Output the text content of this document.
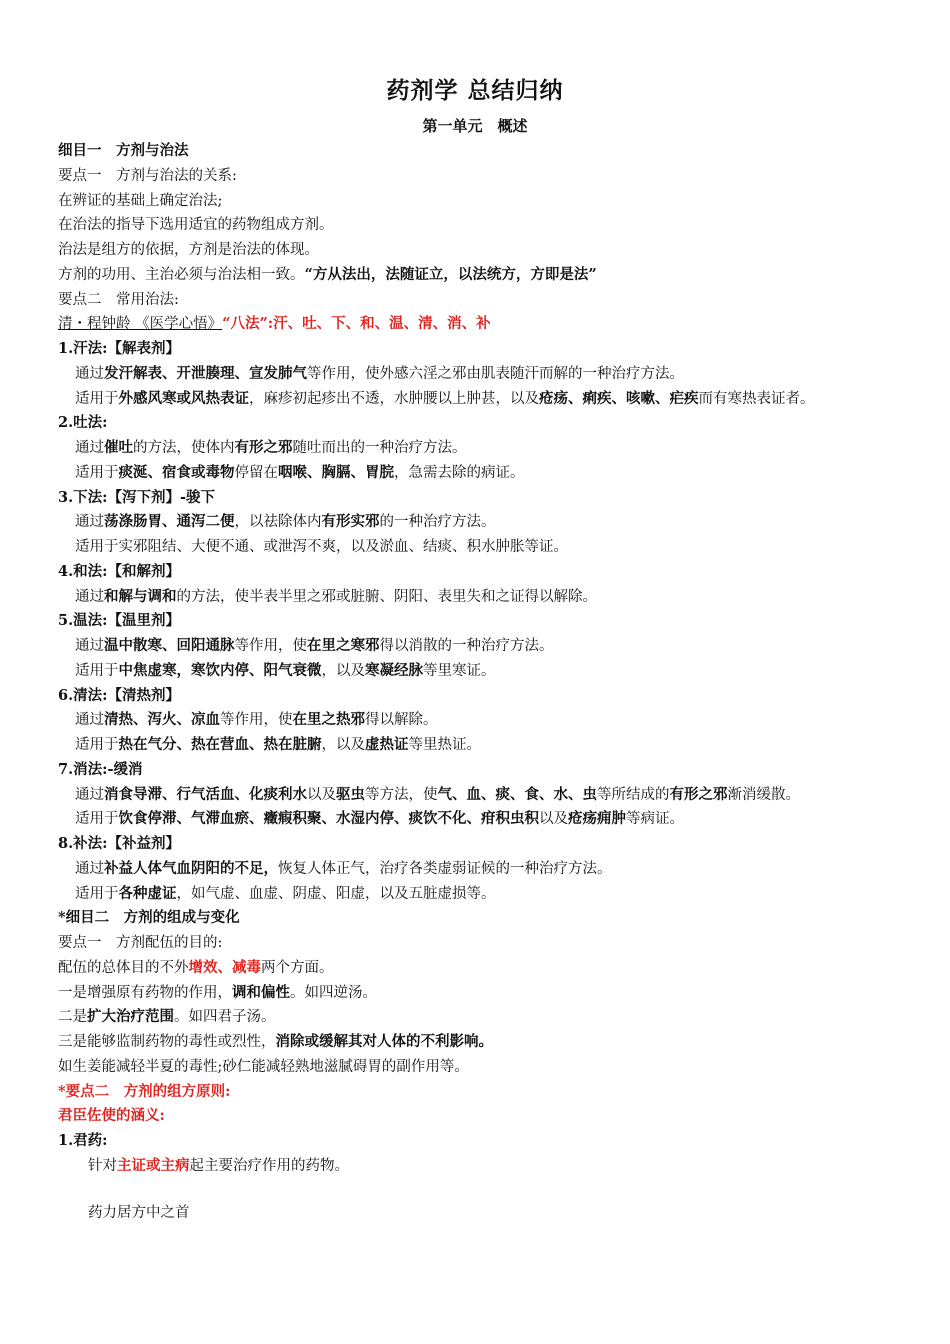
药剂学 总结归纳
第一单元　概述
细目一　方剂与治法
要点一　方剂与治法的关系:
在辨证的基础上确定治法;
在治法的指导下选用适宜的药物组成方剂。
治法是组方的依据，方剂是治法的体现。
方剂的功用、主治必须与治法相一致。“方从法出，法随证立，以法统方，方即是法”
要点二　常用治法:
清・程钟龄 《医学心悟》“八法”:汗、吐、下、和、温、清、消、补
1.汗法:【解表剂】
通过发汗解表、开泄腠理、宣发肺气等作用，使外感六淫之邪由肌表随汗而解的一种治疗方法。
适用于外感风寒或风热表证，麻疹初起疹出不透，水肿腰以上肿甚，以及疮疡、痢疾、咳嗽、疟疾而有寒热表证者。
2.吐法:
通过催吐的方法，使体内有形之邪随吐而出的一种治疗方法。
适用于痰涎、宿食或毒物停留在咽喉、胸膈、胃脘，急需去除的病证。
3.下法:【泻下剂】-骏下
通过荡涤肠胃、通泻二便，以祛除体内有形实邪的一种治疗方法。
适用于实邪阻结、大便不通、或泄泻不爽，以及淤血、结痰、积水肿胀等证。
4.和法:【和解剂】
通过和解与调和的方法，使半表半里之邪或脏腑、阴阳、表里失和之证得以解除。
5.温法:【温里剂】
通过温中散寒、回阳通脉等作用，使在里之寒邪得以消散的一种治疗方法。
适用于中焦虚寒，寒饮内停、阳气衰微，以及寒凝经脉等里寒证。
6.清法:【清热剂】
通过清热、泻火、凉血等作用，使在里之热邪得以解除。
适用于热在气分、热在营血、热在脏腑，以及虚热证等里热证。
7.消法:-缓消
通过消食导滞、行气活血、化痰利水以及驱虫等方法，使气、血、痰、食、水、虫等所结成的有形之邪渐消缓散。
适用于饮食停滞、气滞血瘀、癥瘕积聚、水湿内停、痰饮不化、疳积虫积以及疮疡痈肿等病证。
8.补法:【补益剂】
通过补益人体气血阴阳的不足，恢复人体正气，治疗各类虚弱证候的一种治疗方法。
适用于各种虚证，如气虚、血虚、阴虚、阳虚，以及五脏虚损等。
*细目二　方剂的组成与变化
要点一　方剂配伍的目的:
配伍的总体目的不外增效、减毒两个方面。
一是增强原有药物的作用，调和偏性。如四逆汤。
二是扩大治疗范围。如四君子汤。
三是能够监制药物的毒性或烈性，消除或缓解其对人体的不利影响。
如生姜能减轻半夏的毒性;砂仁能减轻熟地滋腻碍胃的副作用等。
*要点二　方剂的组方原则:
君臣佐使的涵义:
1.君药:
针对主证或主病起主要治疗作用的药物。
药力居方中之首
